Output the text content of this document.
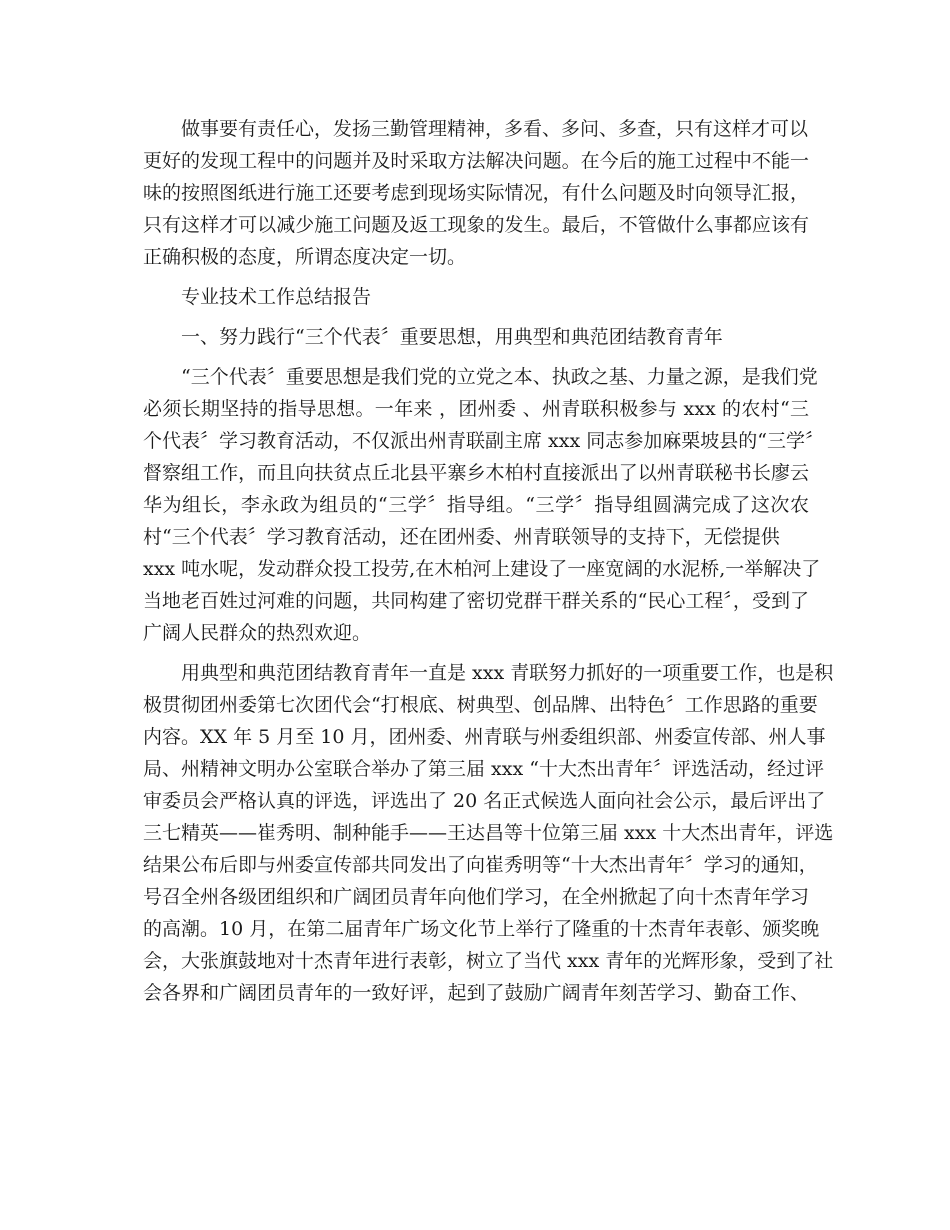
做事要有责任心，发扬三勤管理精神，多看、多问、多查，只有这样才可以

更好的发现工程中的问题并及时采取方法解决问题。在今后的施工过程中不能一

味的按照图纸进行施工还要考虑到现场实际情况，有什么问题及时向领导汇报，

只有这样才可以减少施工问题及返工现象的发生。最后，不管做什么事都应该有

正确积极的态度，所谓态度决定一切。

专业技术工作总结报告

一、努力践行“三个代表〞重要思想，用典型和典范团结教育青年

“三个代表〞重要思想是我们党的立党之本、执政之基、力量之源，是我们党

必须长期坚持的指导思想。一年来 ，团州委 、州青联积极参与 xxx 的农村“三

个代表〞学习教育活动，不仅派出州青联副主席 xxx 同志参加麻栗坡县的“三学〞

督察组工作，而且向扶贫点丘北县平寨乡木柏村直接派出了以州青联秘书长廖云

华为组长，李永政为组员的“三学〞指导组。“三学〞指导组圆满完成了这次农

村“三个代表〞学习教育活动，还在团州委、州青联领导的支持下，无偿提供

xxx 吨水呢，发动群众投工投劳,在木柏河上建设了一座宽阔的水泥桥,一举解决了

当地老百姓过河难的问题，共同构建了密切党群干群关系的“民心工程〞，受到了

广阔人民群众的热烈欢迎。

用典型和典范团结教育青年一直是 xxx 青联努力抓好的一项重要工作，也是积

极贯彻团州委第七次团代会“打根底、树典型、创品牌、出特色〞工作思路的重要

内容。XX 年 5 月至 10 月，团州委、州青联与州委组织部、州委宣传部、州人事

局、州精神文明办公室联合举办了第三届 xxx “十大杰出青年〞评选活动，经过评

审委员会严格认真的评选，评选出了 20 名正式候选人面向社会公示，最后评出了

三七精英——崔秀明、制种能手——王达昌等十位第三届 xxx 十大杰出青年，评选

结果公布后即与州委宣传部共同发出了向崔秀明等“十大杰出青年〞学习的通知，

号召全州各级团组织和广阔团员青年向他们学习，在全州掀起了向十杰青年学习

的高潮。10 月，在第二届青年广场文化节上举行了隆重的十杰青年表彰、颁奖晚

会，大张旗鼓地对十杰青年进行表彰，树立了当代 xxx 青年的光辉形象，受到了社

会各界和广阔团员青年的一致好评，起到了鼓励广阔青年刻苦学习、勤奋工作、
